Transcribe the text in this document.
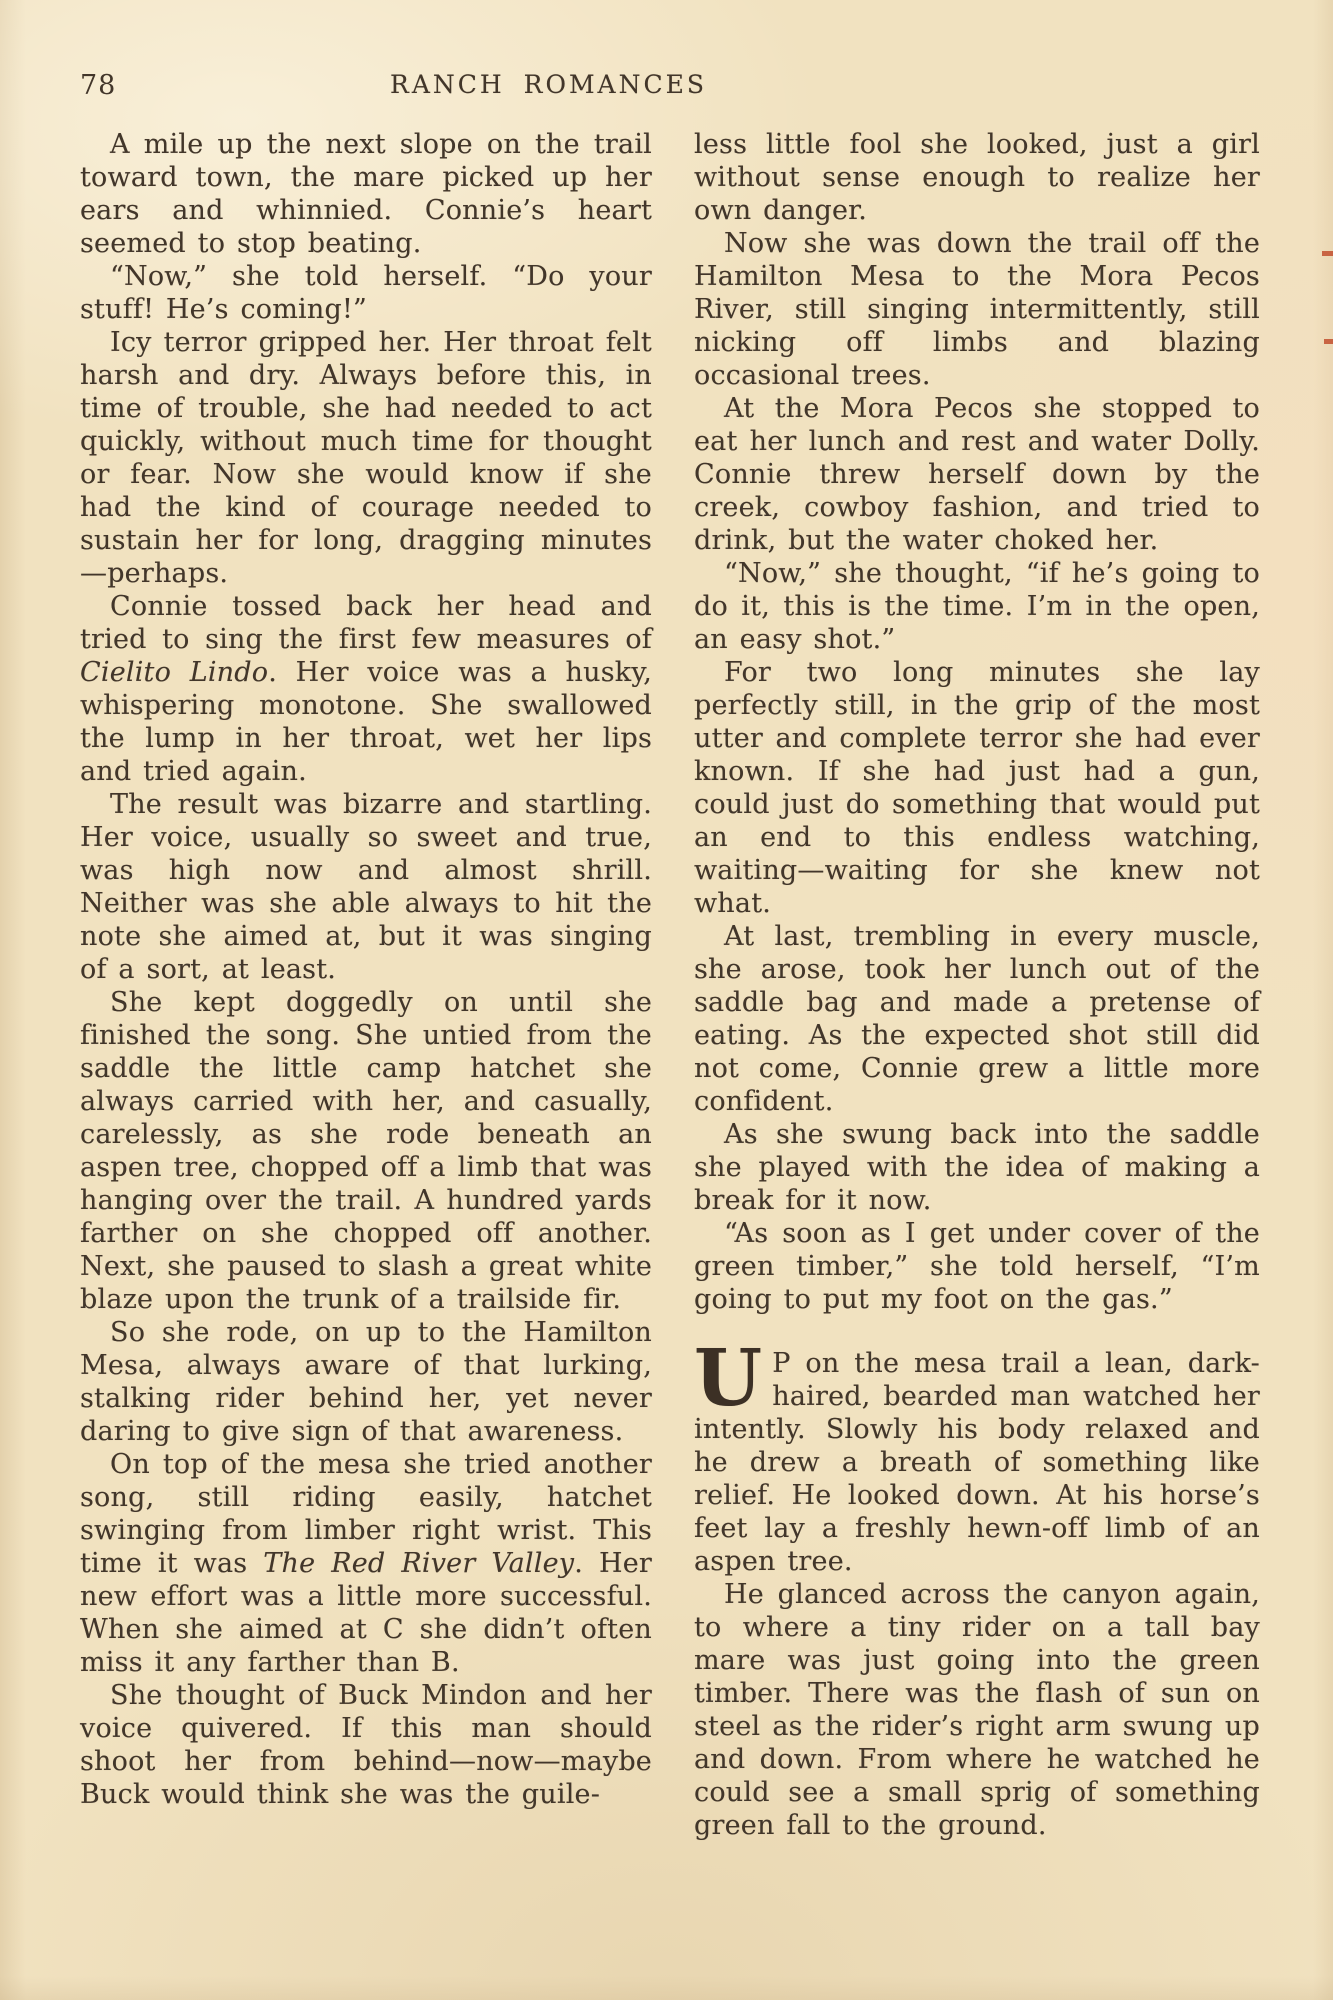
78	RANCH ROMANCES

A mile up the next slope on the trail toward town, the mare picked up her ears and whinnied. Connie’s heart seemed to stop beating.

“Now,” she told herself. “Do your stuff! He’s coming!”

Icy terror gripped her. Her throat felt harsh and dry. Always before this, in time of trouble, she had needed to act quickly, without much time for thought or fear. Now she would know if she had the kind of courage needed to sustain her for long, dragging minutes—perhaps.

Connie tossed back her head and tried to sing the first few measures of Cielito Lindo. Her voice was a husky, whispering monotone. She swallowed the lump in her throat, wet her lips and tried again.

The result was bizarre and startling. Her voice, usually so sweet and true, was high now and almost shrill. Neither was she able always to hit the note she aimed at, but it was singing of a sort, at least.

She kept doggedly on until she finished the song. She untied from the saddle the little camp hatchet she always carried with her, and casually, carelessly, as she rode beneath an aspen tree, chopped off a limb that was hanging over the trail. A hundred yards farther on she chopped off another. Next, she paused to slash a great white blaze upon the trunk of a trailside fir.

So she rode, on up to the Hamilton Mesa, always aware of that lurking, stalking rider behind her, yet never daring to give sign of that awareness.

On top of the mesa she tried another song, still riding easily, hatchet swinging from limber right wrist. This time it was The Red River Valley. Her new effort was a little more successful. When she aimed at C she didn’t often miss it any farther than B.

She thought of Buck Mindon and her voice quivered. If this man should shoot her from behind—now—maybe Buck would think she was the guile-

less little fool she looked, just a girl without sense enough to realize her own danger.

Now she was down the trail off the Hamilton Mesa to the Mora Pecos River, still singing intermittently, still nicking off limbs and blazing occasional trees.

At the Mora Pecos she stopped to eat her lunch and rest and water Dolly. Connie threw herself down by the creek, cowboy fashion, and tried to drink, but the water choked her.

“Now,” she thought, “if he’s going to do it, this is the time. I’m in the open, an easy shot.”

For two long minutes she lay perfectly still, in the grip of the most utter and complete terror she had ever known. If she had just had a gun, could just do something that would put an end to this endless watching, waiting—waiting for she knew not what.

At last, trembling in every muscle, she arose, took her lunch out of the saddle bag and made a pretense of eating. As the expected shot still did not come, Connie grew a little more confident.

As she swung back into the saddle she played with the idea of making a break for it now.

“As soon as I get under cover of the green timber,” she told herself, “I’m going to put my foot on the gas.”

U P on the mesa trail a lean, dark-haired, bearded man watched her intently. Slowly his body relaxed and he drew a breath of something like relief. He looked down. At his horse’s feet lay a freshly hewn-off limb of an aspen tree.

He glanced across the canyon again, to where a tiny rider on a tall bay mare was just going into the green timber. There was the flash of sun on steel as the rider’s right arm swung up and down. From where he watched he could see a small sprig of something green fall to the ground.
